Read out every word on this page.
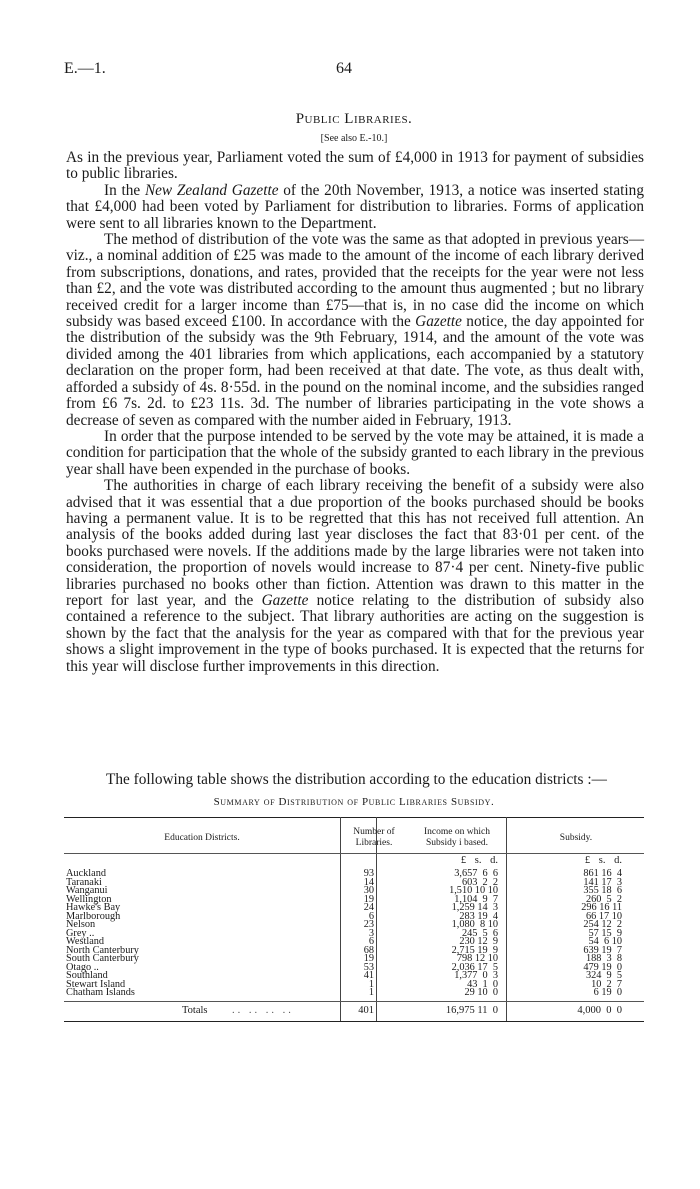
E.—1.	64
Public Libraries.
[See also E.-10.]

As in the previous year, Parliament voted the sum of £4,000 in 1913 for payment of subsidies to public libraries.

In the New Zealand Gazette of the 20th November, 1913, a notice was inserted stating that £4,000 had been voted by Parliament for distribution to libraries. Forms of application were sent to all libraries known to the Department.

The method of distribution of the vote was the same as that adopted in previous years—viz., a nominal addition of £25 was made to the amount of the income of each library derived from subscriptions, donations, and rates, provided that the receipts for the year were not less than £2, and the vote was distributed according to the amount thus augmented ; but no library received credit for a larger income than £75—that is, in no case did the income on which subsidy was based exceed £100. In accordance with the Gazette notice, the day appointed for the distribution of the subsidy was the 9th February, 1914, and the amount of the vote was divided among the 401 libraries from which applications, each accompanied by a statutory declaration on the proper form, had been received at that date. The vote, as thus dealt with, afforded a subsidy of 4s. 8·55d. in the pound on the nominal income, and the subsidies ranged from £6 7s. 2d. to £23 11s. 3d. The number of libraries participating in the vote shows a decrease of seven as compared with the number aided in February, 1913.

In order that the purpose intended to be served by the vote may be attained, it is made a condition for participation that the whole of the subsidy granted to each library in the previous year shall have been expended in the purchase of books.

The authorities in charge of each library receiving the benefit of a subsidy were also advised that it was essential that a due proportion of the books purchased should be books having a permanent value. It is to be regretted that this has not received full attention. An analysis of the books added during last year discloses the fact that 83·01 per cent. of the books purchased were novels. If the additions made by the large libraries were not taken into consideration, the proportion of novels would increase to 87·4 per cent. Ninety-five public libraries purchased no books other than fiction. Attention was drawn to this matter in the report for last year, and the Gazette notice relating to the distribution of subsidy also contained a reference to the subject. That library authorities are acting on the suggestion is shown by the fact that the analysis for the year as compared with that for the previous year shows a slight improvement in the type of books purchased. It is expected that the returns for this year will disclose further improvements in this direction.

The following table shows the distribution according to the education districts :—
Summary of Distribution of Public Libraries Subsidy.
Education Districts.
Number of Libraries.
Income on which Subsidy i based.	Subsidy.
£ s. d.	£ s. d.
Auckland	93	3,657  6  6	861 16  4
Taranaki	14	603  2  2	141 17  3
Wanganui	30	1,510 10 10	355 18  6
Wellington	19	1,104  9  7	260  5  2
Hawke's Bay	24	1,259 14  3	296 16 11
Marlborough	6	283 19  4	66 17 10
Nelson	23	1,080  8 10	254 12  2
Grey ..	3	245  5  6	57 15  9
Westland	6	230 12  9	54  6 10
North Canterbury	68	2,715 19  9	639 19  7
South Canterbury	19	798 12 10	188  3  8
Otago ..	53	2,036 17  5	479 19  0
Southland	41	1,377  0  3	324  9  5
Stewart Island	1	43  1  0	10  2  7
Chatham Islands	1	29 10  0	6 19  0
Totals .. .. .. ..	401	16,975 11  0	4,000  0  0
